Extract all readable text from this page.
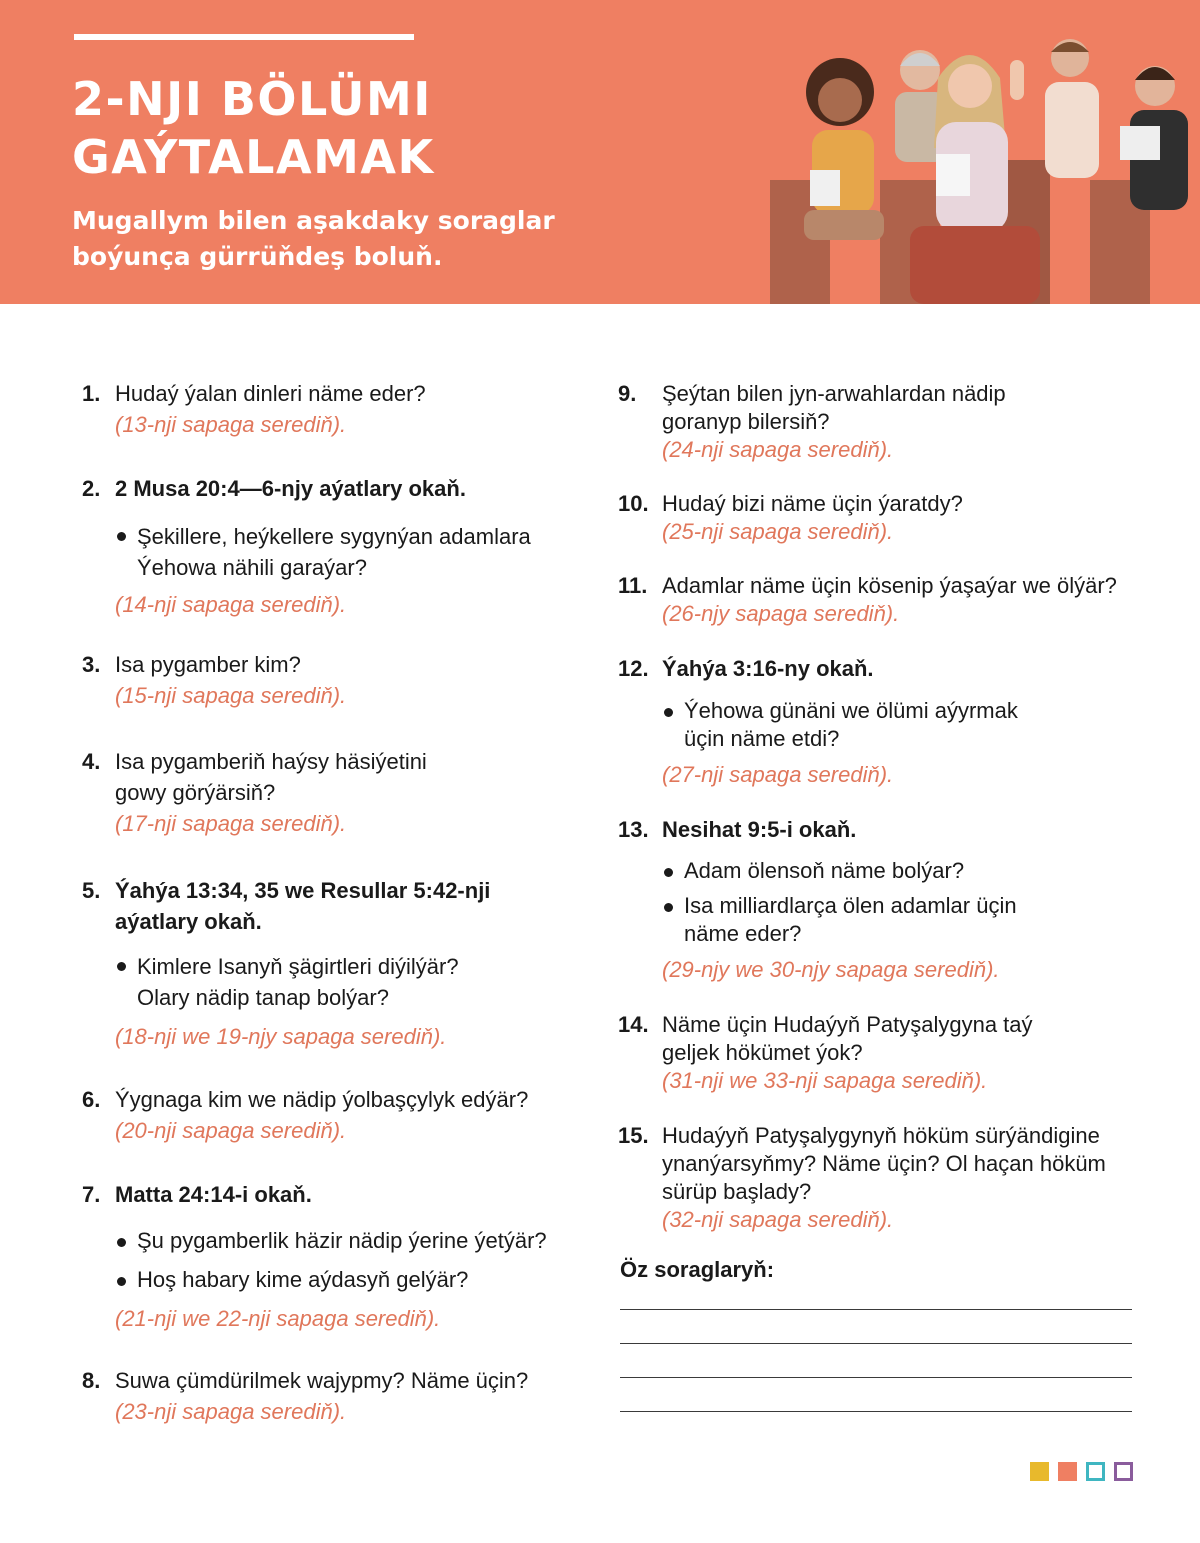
2-NJI BÖLÜMI
GAÝTALAMAK
Mugallym bilen aşakdaky soraglar boýunça gürrüňdeş boluň.
1. Hudaý ýalan dinleri näme eder?
(13-nji sapaga serediň).
2. 2 Musa 20:4—6-njy aýatlary okaň.
Şekillere, heýkellere sygynýan adamlara Ýehowa nähili garaýar?
(14-nji sapaga serediň).
3. Isa pygamber kim?
(15-nji sapaga serediň).
4. Isa pygamberiň haýsy häsiýetini gowy görýärsiň?
(17-nji sapaga serediň).
5. Ýahýa 13:34, 35 we Resullar 5:42-nji aýatlary okaň.
Kimlere Isanyň şägirtleri diýilýär? Olary nädip tanap bolýar?
(18-nji we 19-njy sapaga serediň).
6. Ýygnaga kim we nädip ýolbaşçylyk edýär?
(20-nji sapaga serediň).
7. Matta 24:14-i okaň.
Şu pygamberlik häzir nädip ýerine ýetýär?
Hoş habary kime aýdasyň gelýär?
(21-nji we 22-nji sapaga serediň).
8. Suwa çümdürilmek wajypmy? Näme üçin?
(23-nji sapaga serediň).
9. Şeýtan bilen jyn-arwahlardan nädip goranyp bilersiň?
(24-nji sapaga serediň).
10. Hudaý bizi näme üçin ýaratdy?
(25-nji sapaga serediň).
11. Adamlar näme üçin kösenip ýaşaýar we ölýär?
(26-njy sapaga serediň).
12. Ýahýa 3:16-ny okaň.
Ýehowa günäni we ölümi aýyrmak üçin näme etdi?
(27-nji sapaga serediň).
13. Nesihat 9:5-i okaň.
Adam ölensoň näme bolýar?
Isa milliardlarça ölen adamlar üçin näme eder?
(29-njy we 30-njy sapaga serediň).
14. Näme üçin Hudaýyň Patyşalygyna taý geljek hökümet ýok?
(31-nji we 33-nji sapaga serediň).
15. Hudaýyň Patyşalygynyň höküm sürýändigine ynanýarsyňmy? Näme üçin? Ol haçan höküm sürüp başlady?
(32-nji sapaga serediň).
Öz soraglaryň:
